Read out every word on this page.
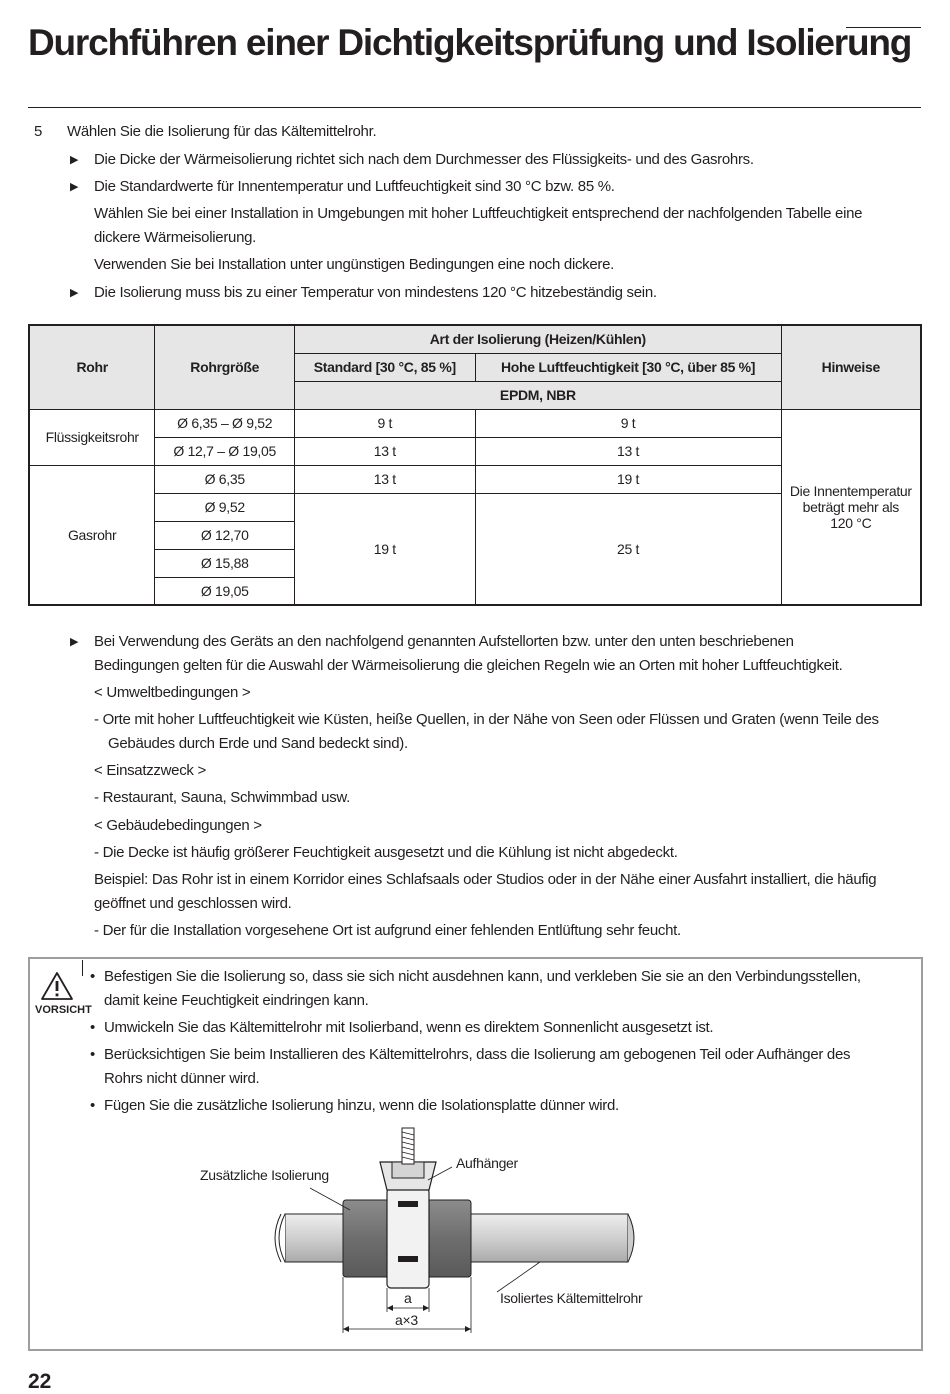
Durchführen einer Dichtigkeitsprüfung und Isolierung
5 Wählen Sie die Isolierung für das Kältemittelrohr.
▶ Die Dicke der Wärmeisolierung richtet sich nach dem Durchmesser des Flüssigkeits- und des Gasrohrs.
▶ Die Standardwerte für Innentemperatur und Luftfeuchtigkeit sind 30 °C bzw. 85 %.
Wählen Sie bei einer Installation in Umgebungen mit hoher Luftfeuchtigkeit entsprechend der nachfolgenden Tabelle eine
dickere Wärmeisolierung.
Verwenden Sie bei Installation unter ungünstigen Bedingungen eine noch dickere.
▶ Die Isolierung muss bis zu einer Temperatur von mindestens 120 °C hitzebeständig sein.
Rohr	Rohrgröße	Art der Isolierung (Heizen/Kühlen)		Hinweise
		Standard [30 °C, 85 %]	Hohe Luftfeuchtigkeit [30 °C, über 85 %]	
		EPDM, NBR		
Flüssigkeitsrohr	Ø 6,35 – Ø 9,52	9 t	9 t	Die Innentemperatur
beträgt mehr als
120 °C
	Ø 12,7 – Ø 19,05	13 t	13 t	
Gasrohr	Ø 6,35	13 t	19 t	
	Ø 9,52	19 t	25 t	
	Ø 12,70			
	Ø 15,88			
	Ø 19,05			
▶ Bei Verwendung des Geräts an den nachfolgend genannten Aufstellorten bzw. unter den unten beschriebenen
Bedingungen gelten für die Auswahl der Wärmeisolierung die gleichen Regeln wie an Orten mit hoher Luftfeuchtigkeit.
< Umweltbedingungen >
- Orte mit hoher Luftfeuchtigkeit wie Küsten, heiße Quellen, in der Nähe von Seen oder Flüssen und Graten (wenn Teile des
Gebäudes durch Erde und Sand bedeckt sind).
< Einsatzzweck >
- Restaurant, Sauna, Schwimmbad usw.
< Gebäudebedingungen >
- Die Decke ist häufig größerer Feuchtigkeit ausgesetzt und die Kühlung ist nicht abgedeckt.
Beispiel: Das Rohr ist in einem Korridor eines Schlafsaals oder Studios oder in der Nähe einer Ausfahrt installiert, die häufig
geöffnet und geschlossen wird.
- Der für die Installation vorgesehene Ort ist aufgrund einer fehlenden Entlüftung sehr feucht.
VORSICHT
• Befestigen Sie die Isolierung so, dass sie sich nicht ausdehnen kann, und verkleben Sie sie an den Verbindungsstellen,
damit keine Feuchtigkeit eindringen kann.
• Umwickeln Sie das Kältemittelrohr mit Isolierband, wenn es direktem Sonnenlicht ausgesetzt ist.
• Berücksichtigen Sie beim Installieren des Kältemittelrohrs, dass die Isolierung am gebogenen Teil oder Aufhänger des
Rohrs nicht dünner wird.
• Fügen Sie die zusätzliche Isolierung hinzu, wenn die Isolationsplatte dünner wird.
Zusätzliche Isolierung
Aufhänger
Isoliertes Kältemittelrohr
a
a×3
22
